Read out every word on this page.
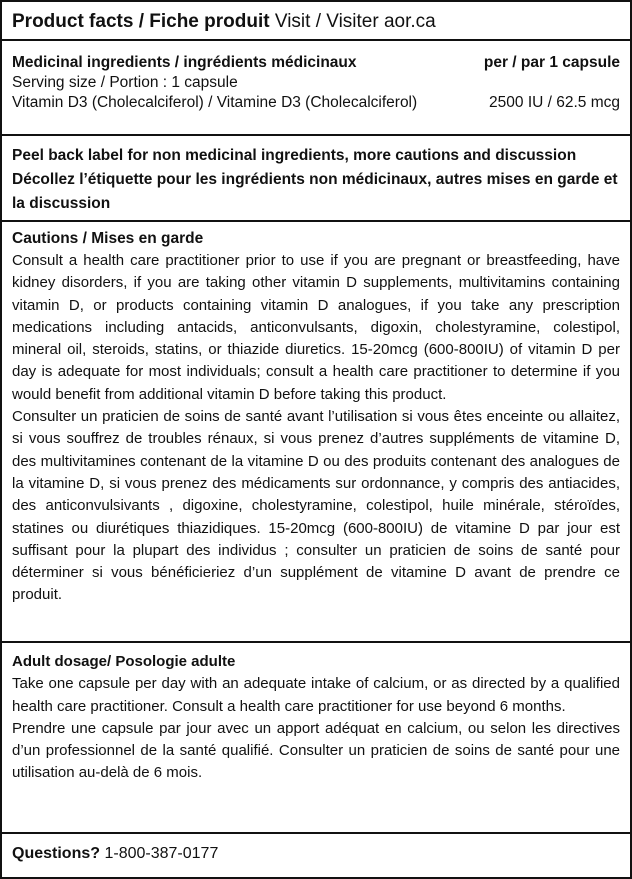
Product facts / Fiche produit Visit / Visiter aor.ca
Medicinal ingredients / ingrédients médicinaux	per / par 1 capsule
Serving size / Portion : 1 capsule
Vitamin D3 (Cholecalciferol) / Vitamine D3 (Cholecalciferol)	2500 IU / 62.5 mcg

Peel back label for non medicinal ingredients, more cautions and discussion

Décollez l’étiquette pour les ingrédients non médicinaux, autres mises en garde et la discussion

Cautions / Mises en garde

Consult a health care practitioner prior to use if you are pregnant or breastfeeding, have kidney disorders, if you are taking other vitamin D supplements, multivitamins containing vitamin D, or products containing vitamin D analogues, if you take any prescription medications including antacids, anticonvulsants, digoxin, cholestyramine, colestipol, mineral oil, steroids, statins, or thiazide diuretics. 15-20mcg (600-800IU) of vitamin D per day is adequate for most individuals; consult a health care practitioner to determine if you would benefit from additional vitamin D before taking this product.

Consulter un praticien de soins de santé avant l’utilisation si vous êtes enceinte ou allaitez, si vous souffrez de troubles rénaux, si vous prenez d’autres suppléments de vitamine D, des multivitamines contenant de la vitamine D ou des produits contenant des analogues de la vitamine D, si vous prenez des médicaments sur ordonnance, y compris des antiacides, des anticonvulsivants , digoxine, cholestyramine, colestipol, huile minérale, stéroïdes, statines ou diurétiques thiazidiques. 15-20mcg (600-800IU) de vitamine D par jour est suffisant pour la plupart des individus ; consulter un praticien de soins de santé pour déterminer si vous bénéficieriez d’un supplément de vitamine D avant de prendre ce produit.

Adult dosage/ Posologie adulte

Take one capsule per day with an adequate intake of calcium, or as directed by a qualified health care practitioner. Consult a health care practitioner for use beyond 6 months.

Prendre une capsule par jour avec un apport adéquat en calcium, ou selon les directives d’un professionnel de la santé qualifié. Consulter un praticien de soins de santé pour une utilisation au-delà de 6 mois.

Questions? 1-800-387-0177
